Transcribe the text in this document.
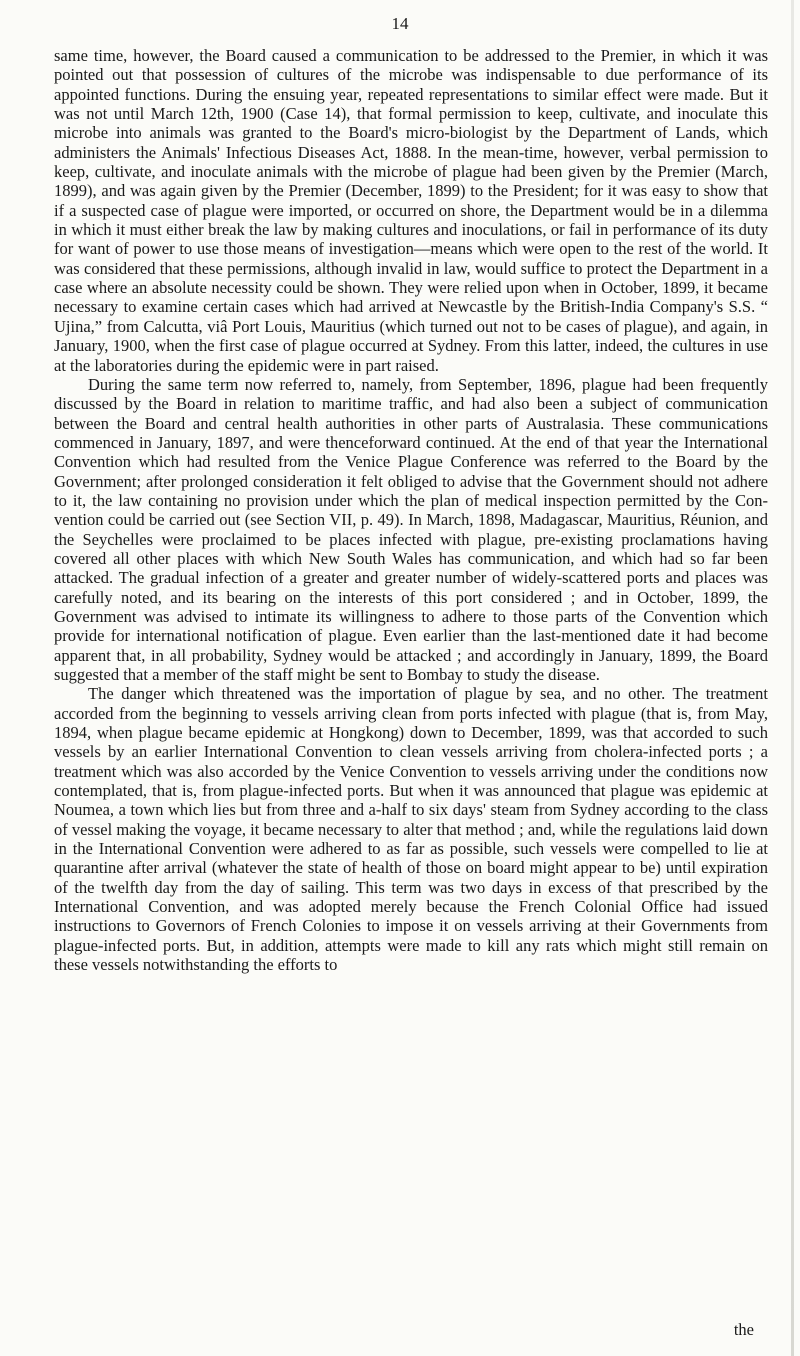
14

same time, however, the Board caused a communication to be addressed to the Premier, in which it was pointed out that possession of cultures of the microbe was indispensable to due performance of its appointed functions. During the ensuing year, repeated representations to similar effect were made. But it was not until March 12th, 1900 (Case 14), that formal permission to keep, cultivate, and inoculate this microbe into animals was granted to the Board's micro-biologist by the Department of Lands, which administers the Animals' Infectious Diseases Act, 1888. In the mean-time, however, verbal permission to keep, cultivate, and inoculate animals with the microbe of plague had been given by the Premier (March, 1899), and was again given by the Premier (December, 1899) to the President; for it was easy to show that if a suspected case of plague were imported, or occurred on shore, the Department would be in a dilemma in which it must either break the law by making cultures and inoculations, or fail in performance of its duty for want of power to use those means of investigation—means which were open to the rest of the world. It was considered that these permissions, although invalid in law, would suffice to protect the Department in a case where an absolute necessity could be shown. They were relied upon when in October, 1899, it became necessary to examine certain cases which had arrived at Newcastle by the British-India Company's S.S. “ Ujina,” from Calcutta, viâ Port Louis, Mauritius (which turned out not to be cases of plague), and again, in January, 1900, when the first case of plague occurred at Sydney. From this latter, indeed, the cultures in use at the laboratories during the epidemic were in part raised.

During the same term now referred to, namely, from September, 1896, plague had been frequently discussed by the Board in relation to maritime traffic, and had also been a subject of communication between the Board and central health authorities in other parts of Australasia. These communications commenced in January, 1897, and were thenceforward continued. At the end of that year the International Convention which had resulted from the Venice Plague Conference was referred to the Board by the Government; after prolonged consideration it felt obliged to advise that the Government should not adhere to it, the law containing no provision under which the plan of medical inspection permitted by the Con-vention could be carried out (see Section VII, p. 49). In March, 1898, Madagascar, Mauritius, Réunion, and the Seychelles were proclaimed to be places infected with plague, pre-existing proclamations having covered all other places with which New South Wales has communication, and which had so far been attacked. The gradual infection of a greater and greater number of widely-scattered ports and places was carefully noted, and its bearing on the interests of this port considered ; and in October, 1899, the Government was advised to intimate its willingness to adhere to those parts of the Convention which provide for international notification of plague. Even earlier than the last-mentioned date it had become apparent that, in all probability, Sydney would be attacked ; and accordingly in January, 1899, the Board suggested that a member of the staff might be sent to Bombay to study the disease.

The danger which threatened was the importation of plague by sea, and no other. The treatment accorded from the beginning to vessels arriving clean from ports infected with plague (that is, from May, 1894, when plague became epidemic at Hongkong) down to December, 1899, was that accorded to such vessels by an earlier International Convention to clean vessels arriving from cholera-infected ports ; a treatment which was also accorded by the Venice Convention to vessels arriving under the conditions now contemplated, that is, from plague-infected ports. But when it was announced that plague was epidemic at Noumea, a town which lies but from three and a-half to six days' steam from Sydney according to the class of vessel making the voyage, it became necessary to alter that method ; and, while the regulations laid down in the International Convention were adhered to as far as possible, such vessels were compelled to lie at quarantine after arrival (whatever the state of health of those on board might appear to be) until expiration of the twelfth day from the day of sailing. This term was two days in excess of that prescribed by the International Convention, and was adopted merely because the French Colonial Office had issued instructions to Governors of French Colonies to impose it on vessels arriving at their Governments from plague-infected ports. But, in addition, attempts were made to kill any rats which might still remain on these vessels notwithstanding the efforts to

the
